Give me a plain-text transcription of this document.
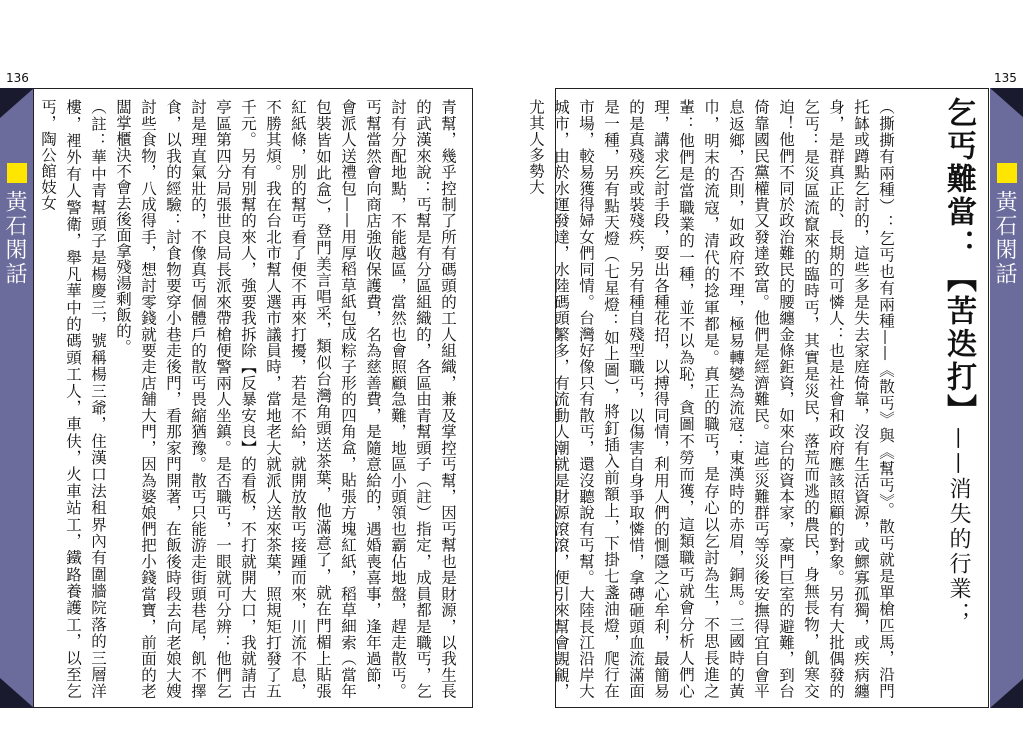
136
黃石閑話	青幫，幾乎控制了所有碼頭的工人組織，兼及掌控丐幫，因丐幫也是財源，以我生長的武漢來說：丐幫是有分區組織的，各區由青幫頭子（註）指定，成員都是職丐，乞討有分配地點，不能越區，當然也會照顧急難，地區小頭領也霸佔地盤，趕走散丐。丐幫當然會向商店強收保護費，名為慈善費，是隨意給的，遇婚喪喜事，逢年過節，會派人送禮包——用厚稻草紙包成粽子形的四角盒，貼張方塊紅紙，稻草細索（當年包裝皆如此盒），登門美言唱采，類似台灣角頭送茶葉，他滿意了，就在門楣上貼張紅紙條，別的幫丐看了便不再來打擾，若是不給，就開放散丐接踵而來，川流不息，不勝其煩。我在台北市幫人選市議員時，當地老大就派人送來茶葉，照規矩打發了五千元。另有別幫的來人，強要我拆除【反暴安良】的看板，不打就開大口，我就請古亭區第四分局張世良局長派來帶槍便警兩人坐鎮。是否職丐，一眼就可分辨：他們乞討是理直氣壯的，不像真丐個體戶的散丐畏縮猶豫。散丐只能游走街頭巷尾，飢不擇食，以我的經驗：討食物要穿小巷走後門，看那家門開著，在飯後時段去向老娘大嫂討些食物，八成得手，想討零錢就要走店舖大門，因為婆娘們把小錢當寶，前面的老闆掌櫃決不會去後面拿殘湯剩飯的。

（註：華中青幫頭子是楊慶三，號稱楊三爺，住漢口法租界內有圍牆院落的三層洋樓，裡外有人警衛，舉凡華中的碼頭工人，車伕，火車站工，鐵路養護工，以至乞丐，陶公館妓女

135
乞丐難當：【苦迭打】——消失的行業；

（撕撕有兩種）：乞丐也有兩種——《散丐》與《幫丐》。散丐就是單槍匹馬，沿門托缽或蹲點乞討的，這些多是失去家庭倚靠，沒有生活資源，或鰥寡孤獨，或疾病纏身，是群真正的、長期的可憐人：也是社會和政府應該照顧的對象。另有大批偶發的乞丐：是災區流竄來的臨時丐，其實是災民，落荒而逃的農民，身無長物，飢寒交迫！他們不同於政治難民的腰纏金條鉅資，如來台的資本家，豪門巨室的避難，到台倚靠國民黨權貴又發達致富。他們是經濟難民。這些災難群丐等災後安撫得宜自會平息返鄉，否則，如政府不理，極易轉變為流寇：東漢時的赤眉，銅馬。三國時的黃巾，明末的流寇，清代的捻軍都是。真正的職丐，是存心以乞討為生，不思長進之輩：他們是當職業的一種，並不以為恥，貪圖不勞而獲，這類職丐就會分析人們心理，講求乞討手段，耍出各種花招，以搏得同情，利用人們的惻隱之心牟利，最簡易的是真殘疾或裝殘疾，另有種自殘型職丐，以傷害自身爭取憐惜，拿磚砸頭血流滿面是一種，另有點天燈（七星燈：如上圖），將釘插入前額上，下掛七盞油燈，爬行在市場，較易獲得婦女們同情。台灣好像只有散丐，還沒聽說有丐幫。大陸長江沿岸大城市，由於水運發達，水陸碼頭繁多，有流動人潮就是財源滾滾，便引來幫會覬覦，尤其人多勢大

黃石閑話
